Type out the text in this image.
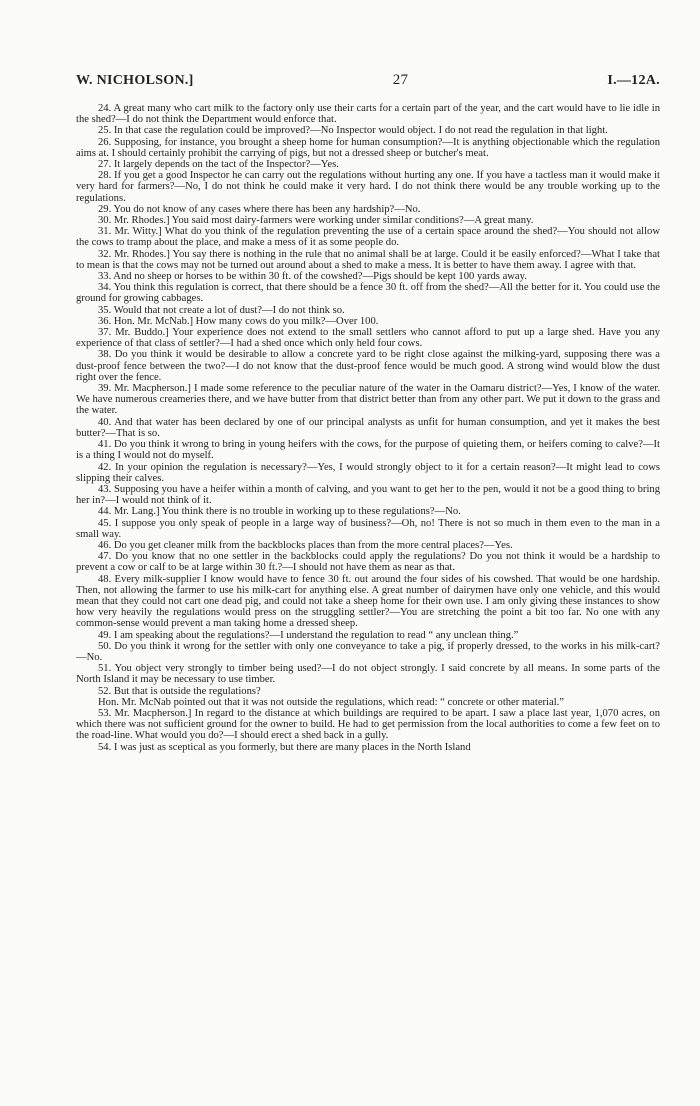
W. NICHOLSON.]	27	I.—12A.

24. A great many who cart milk to the factory only use their carts for a certain part of the year, and the cart would have to lie idle in the shed?—I do not think the Department would enforce that.

25. In that case the regulation could be improved?—No Inspector would object. I do not read the regulation in that light.

26. Supposing, for instance, you brought a sheep home for human consumption?—It is anything objectionable which the regulation aims at. I should certainly prohibit the carrying of pigs, but not a dressed sheep or butcher's meat.

27. It largely depends on the tact of the Inspector?—Yes.

28. If you get a good Inspector he can carry out the regulations without hurting any one. If you have a tactless man it would make it very hard for farmers?—No, I do not think he could make it very hard. I do not think there would be any trouble working up to the regulations.

29. You do not know of any cases where there has been any hardship?—No.

30. Mr. Rhodes.] You said most dairy-farmers were working under similar conditions?—A great many.

31. Mr. Witty.] What do you think of the regulation preventing the use of a certain space around the shed?—You should not allow the cows to tramp about the place, and make a mess of it as some people do.

32. Mr. Rhodes.] You say there is nothing in the rule that no animal shall be at large. Could it be easily enforced?—What I take that to mean is that the cows may not be turned out around about a shed to make a mess. It is better to have them away. I agree with that.

33. And no sheep or horses to be within 30 ft. of the cowshed?—Pigs should be kept 100 yards away.

34. You think this regulation is correct, that there should be a fence 30 ft. off from the shed?—All the better for it. You could use the ground for growing cabbages.

35. Would that not create a lot of dust?—I do not think so.

36. Hon. Mr. McNab.] How many cows do you milk?—Over 100.

37. Mr. Buddo.] Your experience does not extend to the small settlers who cannot afford to put up a large shed. Have you any experience of that class of settler?—I had a shed once which only held four cows.

38. Do you think it would be desirable to allow a concrete yard to be right close against the milking-yard, supposing there was a dust-proof fence between the two?—I do not know that the dust-proof fence would be much good. A strong wind would blow the dust right over the fence.

39. Mr. Macpherson.] I made some reference to the peculiar nature of the water in the Oamaru district?—Yes, I know of the water. We have numerous creameries there, and we have butter from that district better than from any other part. We put it down to the grass and the water.

40. And that water has been declared by one of our principal analysts as unfit for human consumption, and yet it makes the best butter?—That is so.

41. Do you think it wrong to bring in young heifers with the cows, for the purpose of quieting them, or heifers coming to calve?—It is a thing I would not do myself.

42. In your opinion the regulation is necessary?—Yes, I would strongly object to it for a certain reason?—It might lead to cows slipping their calves.

43. Supposing you have a heifer within a month of calving, and you want to get her to the pen, would it not be a good thing to bring her in?—I would not think of it.

44. Mr. Lang.] You think there is no trouble in working up to these regulations?—No.

45. I suppose you only speak of people in a large way of business?—Oh, no! There is not so much in them even to the man in a small way.

46. Do you get cleaner milk from the backblocks places than from the more central places?—Yes.

47. Do you know that no one settler in the backblocks could apply the regulations? Do you not think it would be a hardship to prevent a cow or calf to be at large within 30 ft.?—I should not have them as near as that.

48. Every milk-supplier I know would have to fence 30 ft. out around the four sides of his cowshed. That would be one hardship. Then, not allowing the farmer to use his milk-cart for anything else. A great number of dairymen have only one vehicle, and this would mean that they could not cart one dead pig, and could not take a sheep home for their own use. I am only giving these instances to show how very heavily the regulations would press on the struggling settler?—You are stretching the point a bit too far. No one with any common-sense would prevent a man taking home a dressed sheep.

49. I am speaking about the regulations?—I understand the regulation to read “ any unclean thing.”

50. Do you think it wrong for the settler with only one conveyance to take a pig, if properly dressed, to the works in his milk-cart?—No.

51. You object very strongly to timber being used?—I do not object strongly. I said concrete by all means. In some parts of the North Island it may be necessary to use timber.

52. But that is outside the regulations?

Hon. Mr. McNab pointed out that it was not outside the regulations, which read: “ concrete or other material.”

53. Mr. Macpherson.] In regard to the distance at which buildings are required to be apart. I saw a place last year, 1,070 acres, on which there was not sufficient ground for the owner to build. He had to get permission from the local authorities to come a few feet on to the road-line. What would you do?—I should erect a shed back in a gully.

54. I was just as sceptical as you formerly, but there are many places in the North Island
